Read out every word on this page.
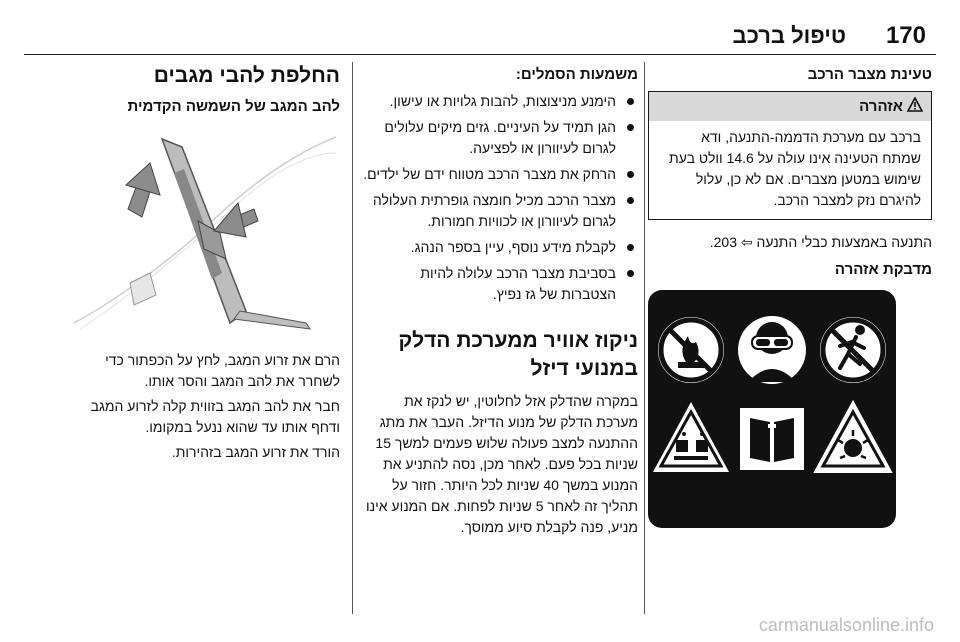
170
טיפול ברכב
טעינת מצבר הרכב
אזהרה
ברכב עם מערכת הדממה-התנעה, ודא שמתח הטעינה אינו עולה על 14.6 וולט בעת שימוש במטען מצברים. אם לא כן, עלול להיגרם נזק למצבר הרכב.

התנעה באמצעות כבלי התנעה ⇦ 203.

מדבקת אזהרה
משמעות הסמלים:
הימנע מניצוצות, להבות גלויות או עישון.
הגן תמיד על העיניים. גזים מיקים עלולים לגרום לעיוורון או לפציעה.
הרחק את מצבר הרכב מטווח ידם של ילדים.
מצבר הרכב מכיל חומצה גופרתית העלולה לגרום לעיוורון או לכוויות חמורות.
לקבלת מידע נוסף, עיין בספר הנהג.
בסביבת מצבר הרכב עלולה להיות הצטברות של גז נפיץ.
ניקוז אוויר ממערכת הדלק במנועי דיזל

במקרה שהדלק אזל לחלוטין, יש לנקז את מערכת הדלק של מנוע הדיזל. העבר את מתג ההתנעה למצב פעולה שלוש פעמים למשך 15 שניות בכל פעם. לאחר מכן, נסה להתניע את המנוע במשך 40 שניות לכל היותר. חזור על תהליך זה לאחר 5 שניות לפחות. אם המנוע אינו מניע, פנה לקבלת סיוע ממוסך.

החלפת להבי מגבים
להב המגב של השמשה הקדמית

הרם את זרוע המגב, לחץ על הכפתור כדי לשחרר את להב המגב והסר אותו.

חבר את להב המגב בזווית קלה לזרוע המגב ודחף אותו עד שהוא ננעל במקומו.

הורד את זרוע המגב בזהירות.

carmanualsonline.info
